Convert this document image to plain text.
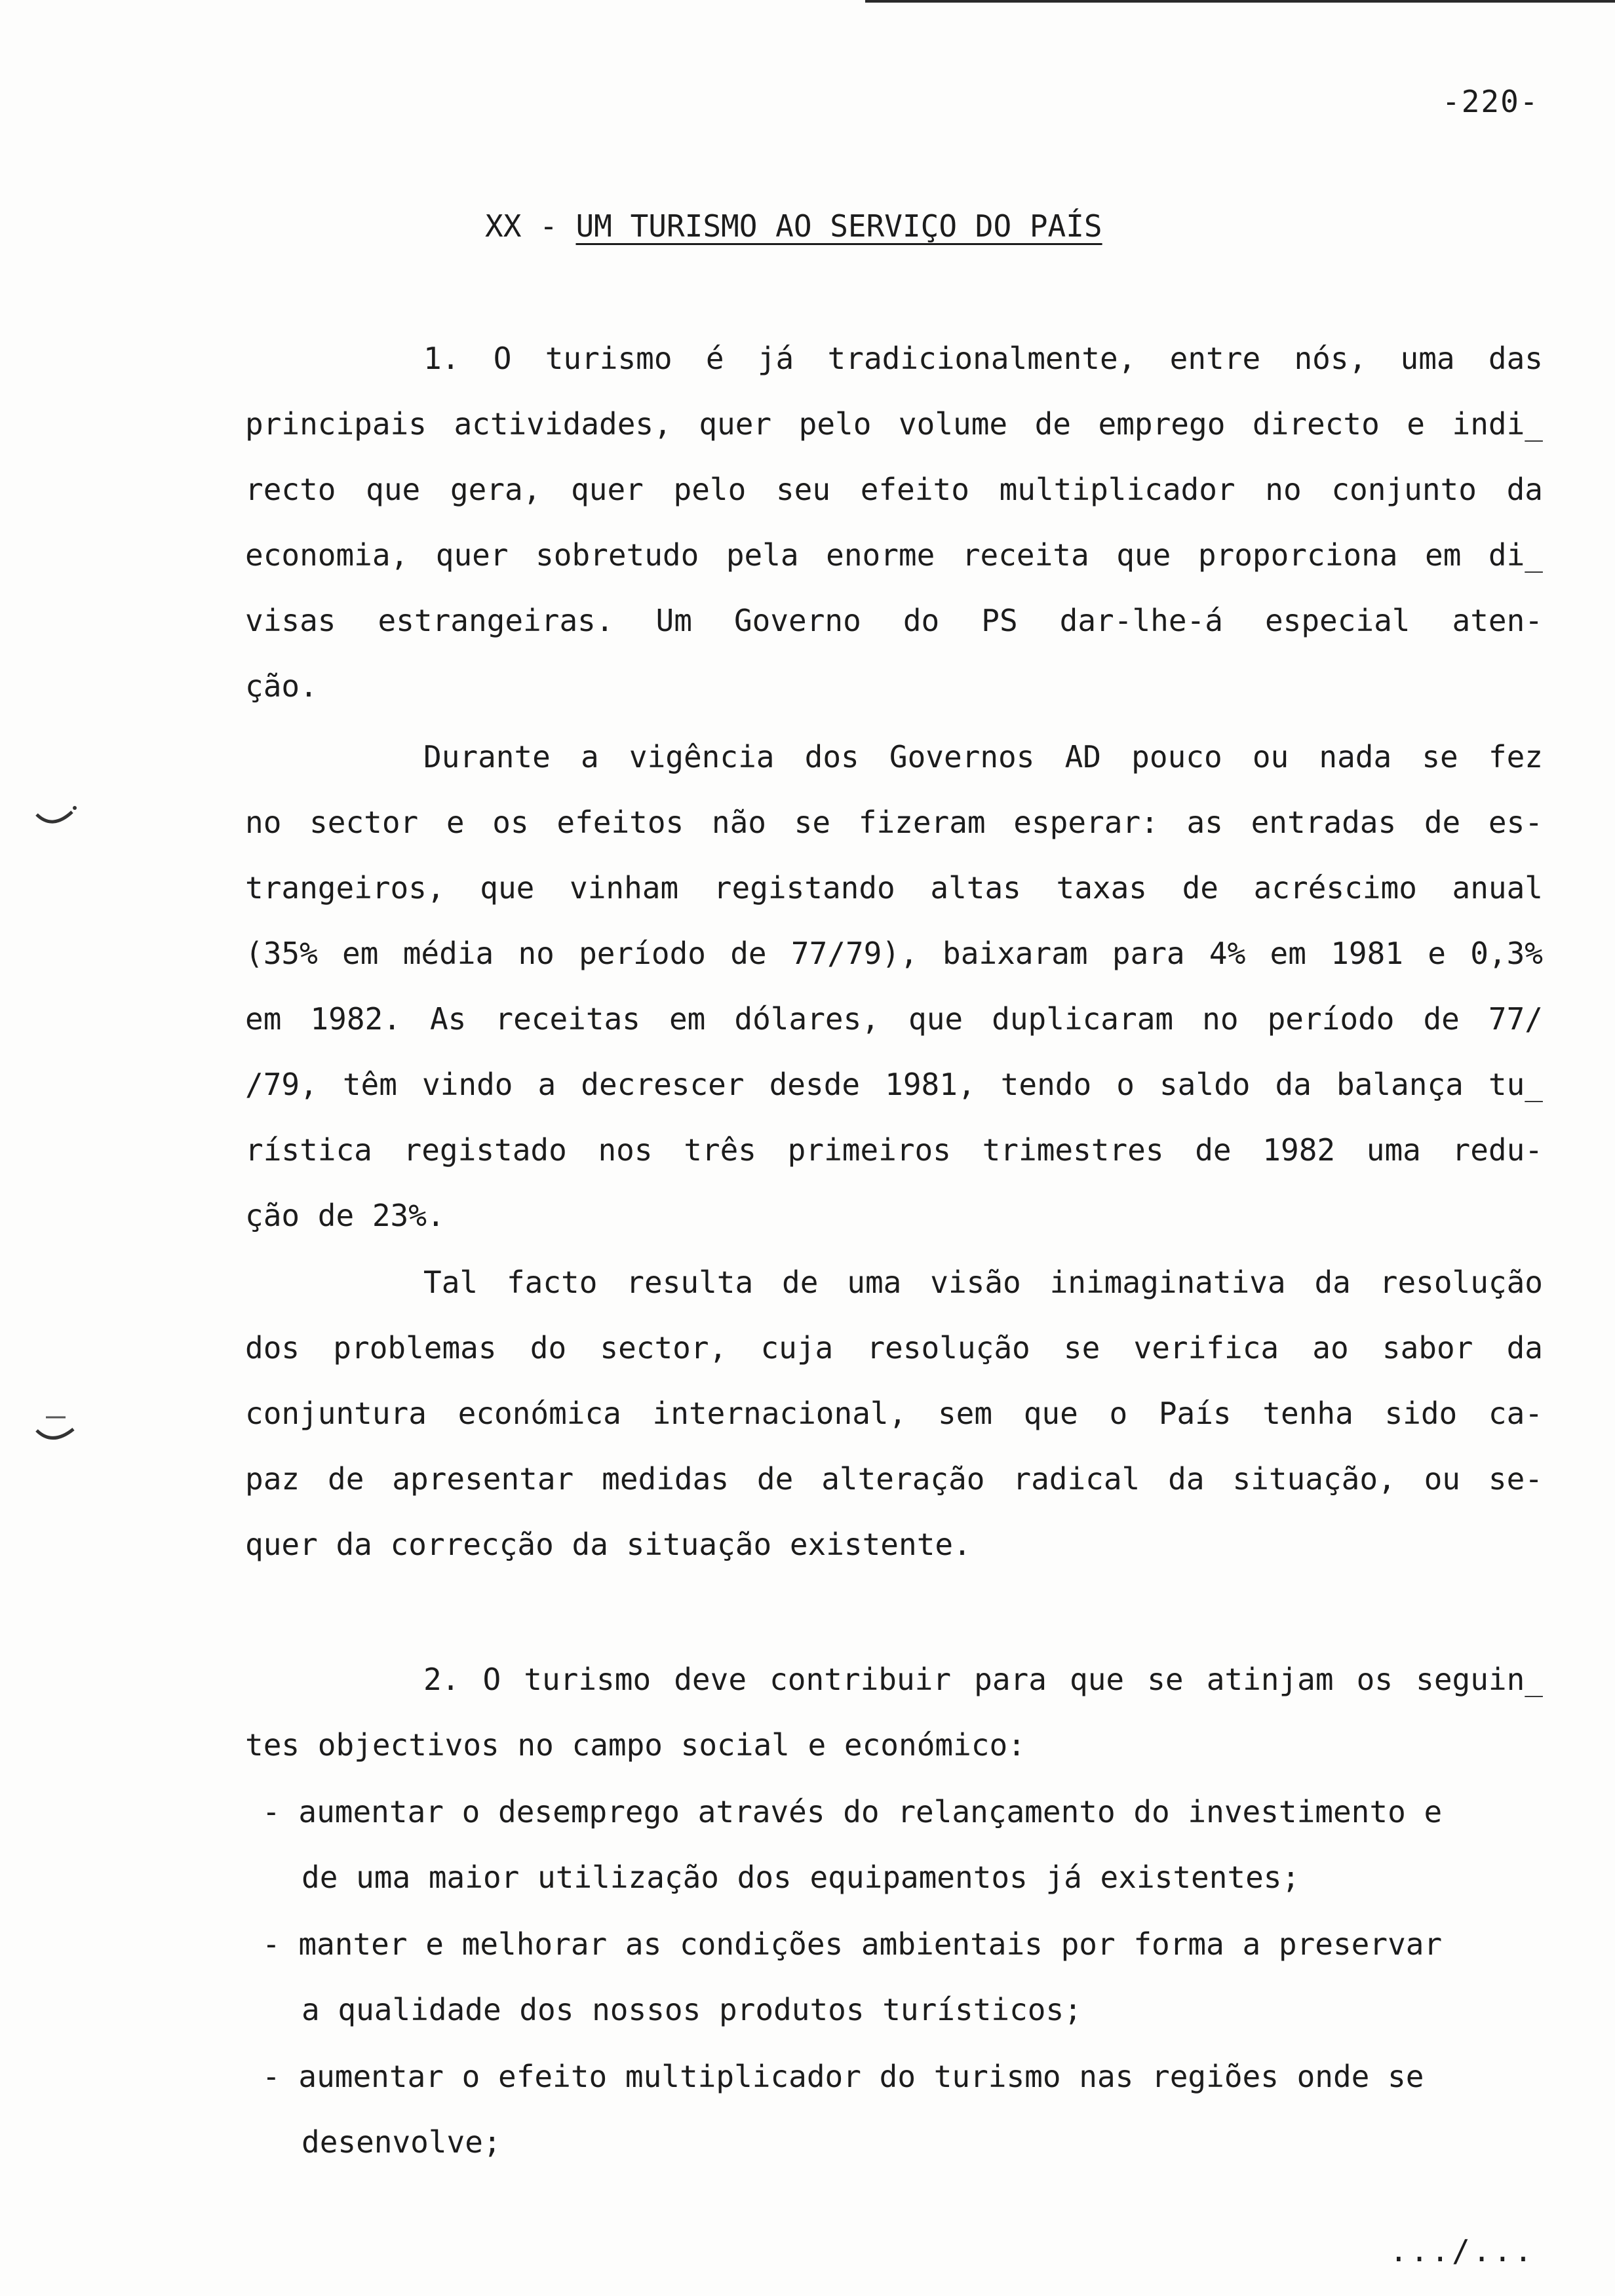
-220-
XX - UM TURISMO AO SERVIÇO DO PAÍS
1. O turismo é já tradicionalmente, entre nós, uma das
principais actividades, quer pelo volume de emprego directo e indi_
recto que gera, quer pelo seu efeito multiplicador no conjunto da
economia, quer sobretudo pela enorme receita que proporciona em di_
visas estrangeiras. Um Governo do PS dar-lhe-á especial aten-
ção.
Durante a vigência dos Governos AD pouco ou nada se fez
no sector e os efeitos não se fizeram esperar: as entradas de es-
trangeiros, que vinham registando altas taxas de acréscimo anual
(35% em média no período de 77/79), baixaram para 4% em 1981 e 0,3%
em 1982. As receitas em dólares, que duplicaram no período de 77/
/79, têm vindo a decrescer desde 1981, tendo o saldo da balança tu_
rística registado nos três primeiros trimestres de 1982 uma redu-
ção de 23%.
Tal facto resulta de uma visão inimaginativa da resolução
dos problemas do sector, cuja resolução se verifica ao sabor da
conjuntura económica internacional, sem que o País tenha sido ca-
paz de apresentar medidas de alteração radical da situação, ou se-
quer da correcção da situação existente.
2. O turismo deve contribuir para que se atinjam os seguin_
tes objectivos no campo social e económico:
- aumentar o desemprego através do relançamento do investimento e
de uma maior utilização dos equipamentos já existentes;
- manter e melhorar as condições ambientais por forma a preservar
a qualidade dos nossos produtos turísticos;
- aumentar o efeito multiplicador do turismo nas regiões onde se
desenvolve;
.../...
